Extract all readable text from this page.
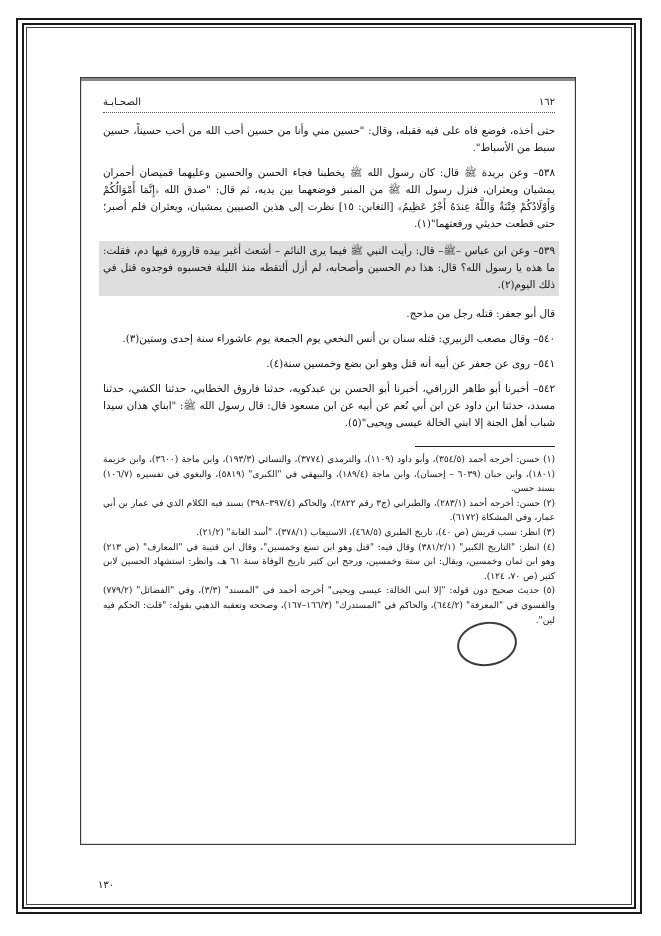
١٦٢
الصحـابـة

حتى أخذه، فوضع فاه على فيه فقبله، وقال: "حسين مني وأنا من حسين أحب الله من أحب حسيناً، حسين سبط من الأسباط".

٥٣٨– وعن بريدة ﷺ قال: كان رسول الله ﷺ يخطبنا فجاء الحسن والحسين وعليهما قميصان أحمران يمشيان ويعثران، فنزل رسول الله ﷺ من المنبر فوضعهما بين يديه، ثم قال: "صدق الله ﴿إِنَّمَا أَمْوَالُكُمْ وَأَوْلَادُكُمْ فِتْنَةٌ وَاللَّهُ عِندَهُ أَجْرٌ عَظِيمٌ﴾ [التغابن: ١٥] نظرت إلى هذين الصبيين يمشيان، ويعثران فلم أصبر؛ حتى قطعت حديثي ورفعتهما"(١).

٥٣٩– وعن ابن عباس –ﷺ– قال: رأيت النبي ﷺ فيما يرى النائم – أشعث أغبر بيده قارورة فيها دم، فقلت: ما هذه يا رسول الله؟ قال: هذا دم الحسين وأصحابه، لم أزل ألتقطه منذ الليلة فحسبوه فوجدوه قتل في ذلك اليوم(٢).

قال أبو جعفر: قتله رجل من مذحج.

٥٤٠– وقال مصعب الزبيري: قتله سنان بن أنس النخعي يوم الجمعة يوم عاشوراء سنة إحدى وستين(٣).

٥٤١– روى عن جعفر عن أبيه أنه قتل وهو ابن بضع وخمسين سنة(٤).

٥٤٢– أخبرنا أبو طاهر الزرافي، أخبرنا أبو الحسن بن عبدكويه، حدثنا فاروق الخطابي، حدثنا الكشي، حدثنا مسدد، حدثنا ابن داود عن ابن أبي نُعم عن أبيه عن ابن مسعود قال: قال رسول الله ﷺ: "ابناي هذان سيدا شباب أهل الجنة إلا ابني الخالة عيسى ويحيى"(٥).

(١) حسن: أخرجه أحمد (٣٥٤/٥)، وأبو داود (١١٠٩)، والترمذي (٣٧٧٤)، والنسائي (١٩٣/٣)، وابن ماجة (٣٦٠٠)، وابن خزيمة (١٨٠١)، وابن حبان (٦٠٣٩ – إحسان)، وابن ماجة (١٨٩/٤)، والبيهقي في "الكبرى" (٥٨١٩)، والبغوي في تفسيره (١٠٦/٧) بسند حسن.

(٢) حسن: أخرجه أحمد (٢٨٣/١)، والطبراني (ج٣ رقم ٢٨٢٢)، والحاكم (٣٩٧/٤–٣٩٨) بسند فيه الكلام الذي في عمار بن أبي عمار، وفي المشكاة (٦١٧٢).

(٣) انظر: نسب قريش (ص ٤٠)، تاريخ الطبري (٤٦٨/٥)، الاستيعاب (٣٧٨/١)، "أسد الغابة" (٢١/٢).

(٤) انظر: "التاريخ الكبير" (٣٨١/٢/١) وقال فيه: "قتل وهو ابن تسع وخمسين"، وقال ابن قتيبة في "المعارف" (ص ٢١٣) وهو ابن ثمان وخمسين، ويقال: ابن ستة وخمسين، ورجح ابن كثير تاريخ الوفاة سنة ٦١ هـ، وانظر: استشهاد الحسين لابن كثير (ص ٧٠، ١٢٤).

(٥) حديث صحيح دون قوله: "إلا ابني الخالة: عيسى ويحيى" أخرجه أحمد في "المسند" (٣/٣)، وفي "الفضائل" (٧٧٩/٢) والفسوي في "المعرفة" (٦٤٤/٢)، والحاكم في "المستدرك" (١٦٦/٣–١٦٧)، وصححه وتعقبه الذهبي بقوله: "قلت: الحكم فيه لين".

١٣٠
